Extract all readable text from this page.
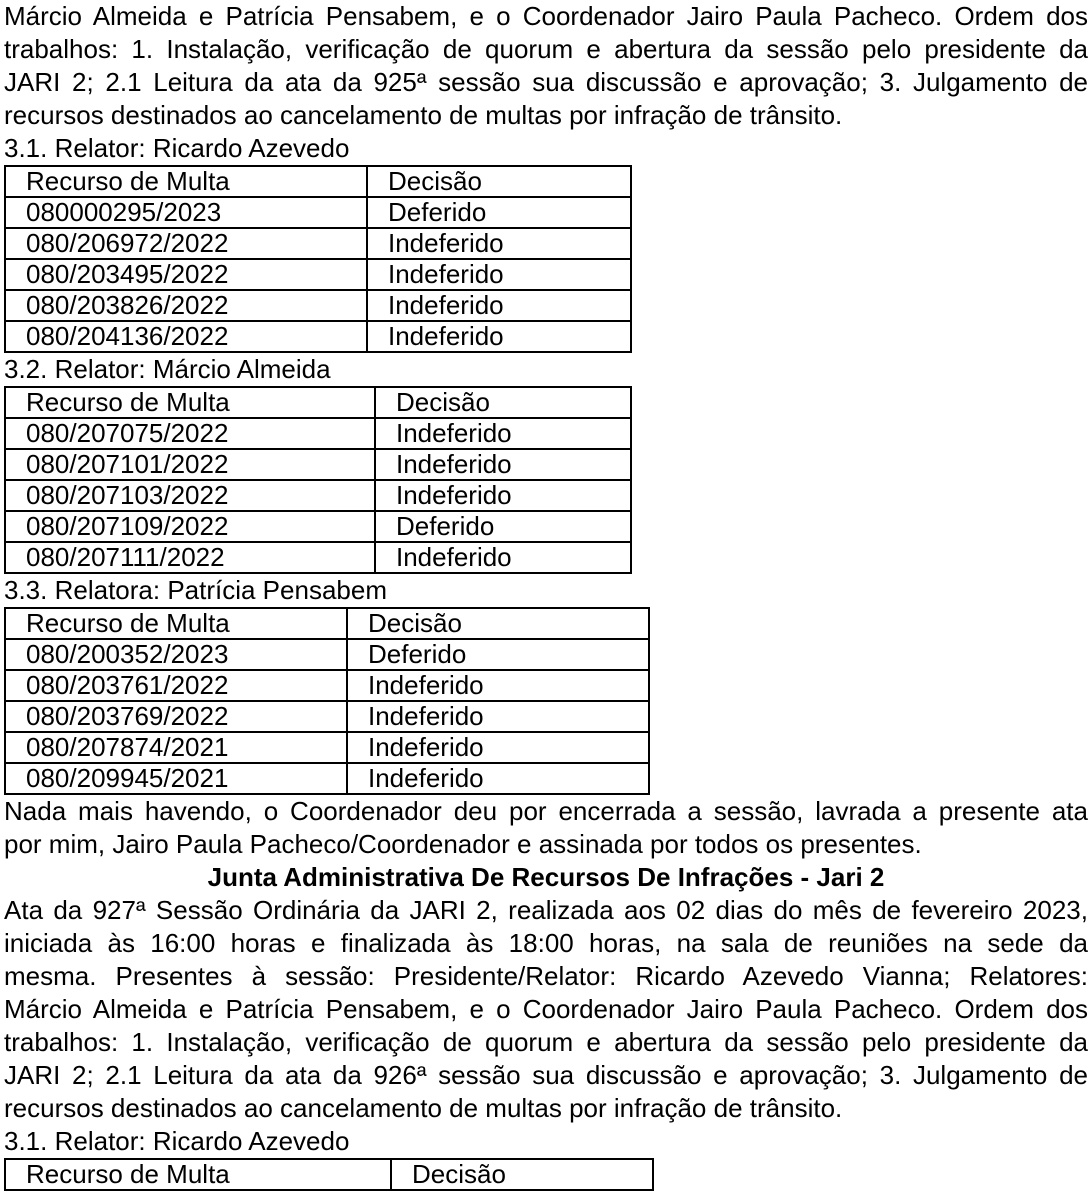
Márcio Almeida e Patrícia Pensabem, e o Coordenador Jairo Paula Pacheco. Ordem dos
trabalhos: 1. Instalação, verificação de quorum e abertura da sessão pelo presidente da
JARI 2; 2.1 Leitura da ata da 925ª sessão sua discussão e aprovação; 3. Julgamento de
recursos destinados ao cancelamento de multas por infração de trânsito.
3.1. Relator: Ricardo Azevedo
Recurso de Multa	Decisão
080000295/2023	Deferido
080/206972/2022	Indeferido
080/203495/2022	Indeferido
080/203826/2022	Indeferido
080/204136/2022	Indeferido
3.2. Relator: Márcio Almeida
Recurso de Multa	Decisão
080/207075/2022	Indeferido
080/207101/2022	Indeferido
080/207103/2022	Indeferido
080/207109/2022	Deferido
080/207111/2022	Indeferido
3.3. Relatora: Patrícia Pensabem
Recurso de Multa	Decisão
080/200352/2023	Deferido
080/203761/2022	Indeferido
080/203769/2022	Indeferido
080/207874/2021	Indeferido
080/209945/2021	Indeferido
Nada mais havendo, o Coordenador deu por encerrada a sessão, lavrada a presente ata
por mim, Jairo Paula Pacheco/Coordenador e assinada por todos os presentes.
Junta Administrativa De Recursos De Infrações - Jari 2
Ata da 927ª Sessão Ordinária da JARI 2, realizada aos 02 dias do mês de fevereiro 2023,
iniciada às 16:00 horas e finalizada às 18:00 horas, na sala de reuniões na sede da
mesma. Presentes à sessão: Presidente/Relator: Ricardo Azevedo Vianna; Relatores:
Márcio Almeida e Patrícia Pensabem, e o Coordenador Jairo Paula Pacheco. Ordem dos
trabalhos: 1. Instalação, verificação de quorum e abertura da sessão pelo presidente da
JARI 2; 2.1 Leitura da ata da 926ª sessão sua discussão e aprovação; 3. Julgamento de
recursos destinados ao cancelamento de multas por infração de trânsito.
3.1. Relator: Ricardo Azevedo
Recurso de Multa	Decisão
